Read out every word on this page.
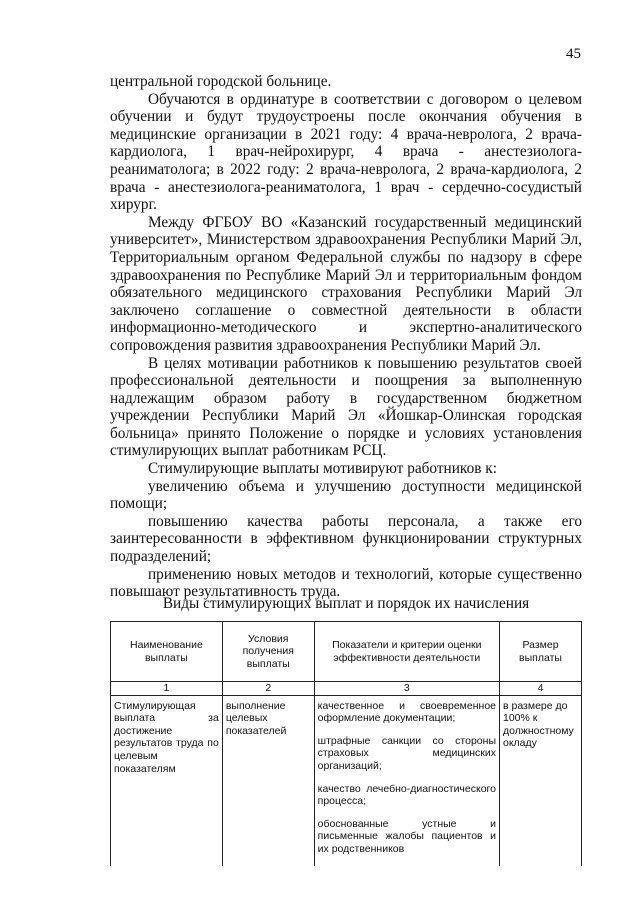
45

центральной городской больнице.

Обучаются в ординатуре в соответствии с договором о целевом обучении и будут трудоустроены после окончания обучения в медицинские организации в 2021 году: 4 врача-невролога, 2 врача-кардиолога, 1 врач-нейрохирург, 4 врача - анестезиолога-реаниматолога; в 2022 году: 2 врача-невролога, 2 врача-кардиолога, 2 врача - анестезиолога-реаниматолога, 1 врач - сердечно-сосудистый хирург.

Между ФГБОУ ВО «Казанский государственный медицинский университет», Министерством здравоохранения Республики Марий Эл, Территориальным органом Федеральной службы по надзору в сфере здравоохранения по Республике Марий Эл и территориальным фондом обязательного медицинского страхования Республики Марий Эл заключено соглашение о совместной деятельности в области информационно-методического и экспертно-аналитического сопровождения развития здравоохранения Республики Марий Эл.

В целях мотивации работников к повышению результатов своей профессиональной деятельности и поощрения за выполненную надлежащим образом работу в государственном бюджетном учреждении Республики Марий Эл «Йошкар-Олинская городская больница» принято Положение о порядке и условиях установления стимулирующих выплат работникам РСЦ.

Стимулирующие выплаты мотивируют работников к:

увеличению объема и улучшению доступности медицинской помощи;

повышению качества работы персонала, а также его заинтересованности в эффективном функционировании структурных подразделений;

применению новых методов и технологий, которые существенно повышают результативность труда.

Виды стимулирующих выплат и порядок их начисления
Наименование выплаты	Условия получения выплаты	Показатели и критерии оценки эффективности деятельности	Размер выплаты
1	2	3	4
Стимулирующая выплата за достижение результатов труда по целевым показателям	выполнение целевых показателей	качественное и своевременное оформление документации;

штрафные санкции со стороны страховых медицинских организаций;

качество лечебно-диагностического процесса;

обоснованные устные и письменные жалобы пациентов и их родственников	в размере до 100% к должностному окладу
